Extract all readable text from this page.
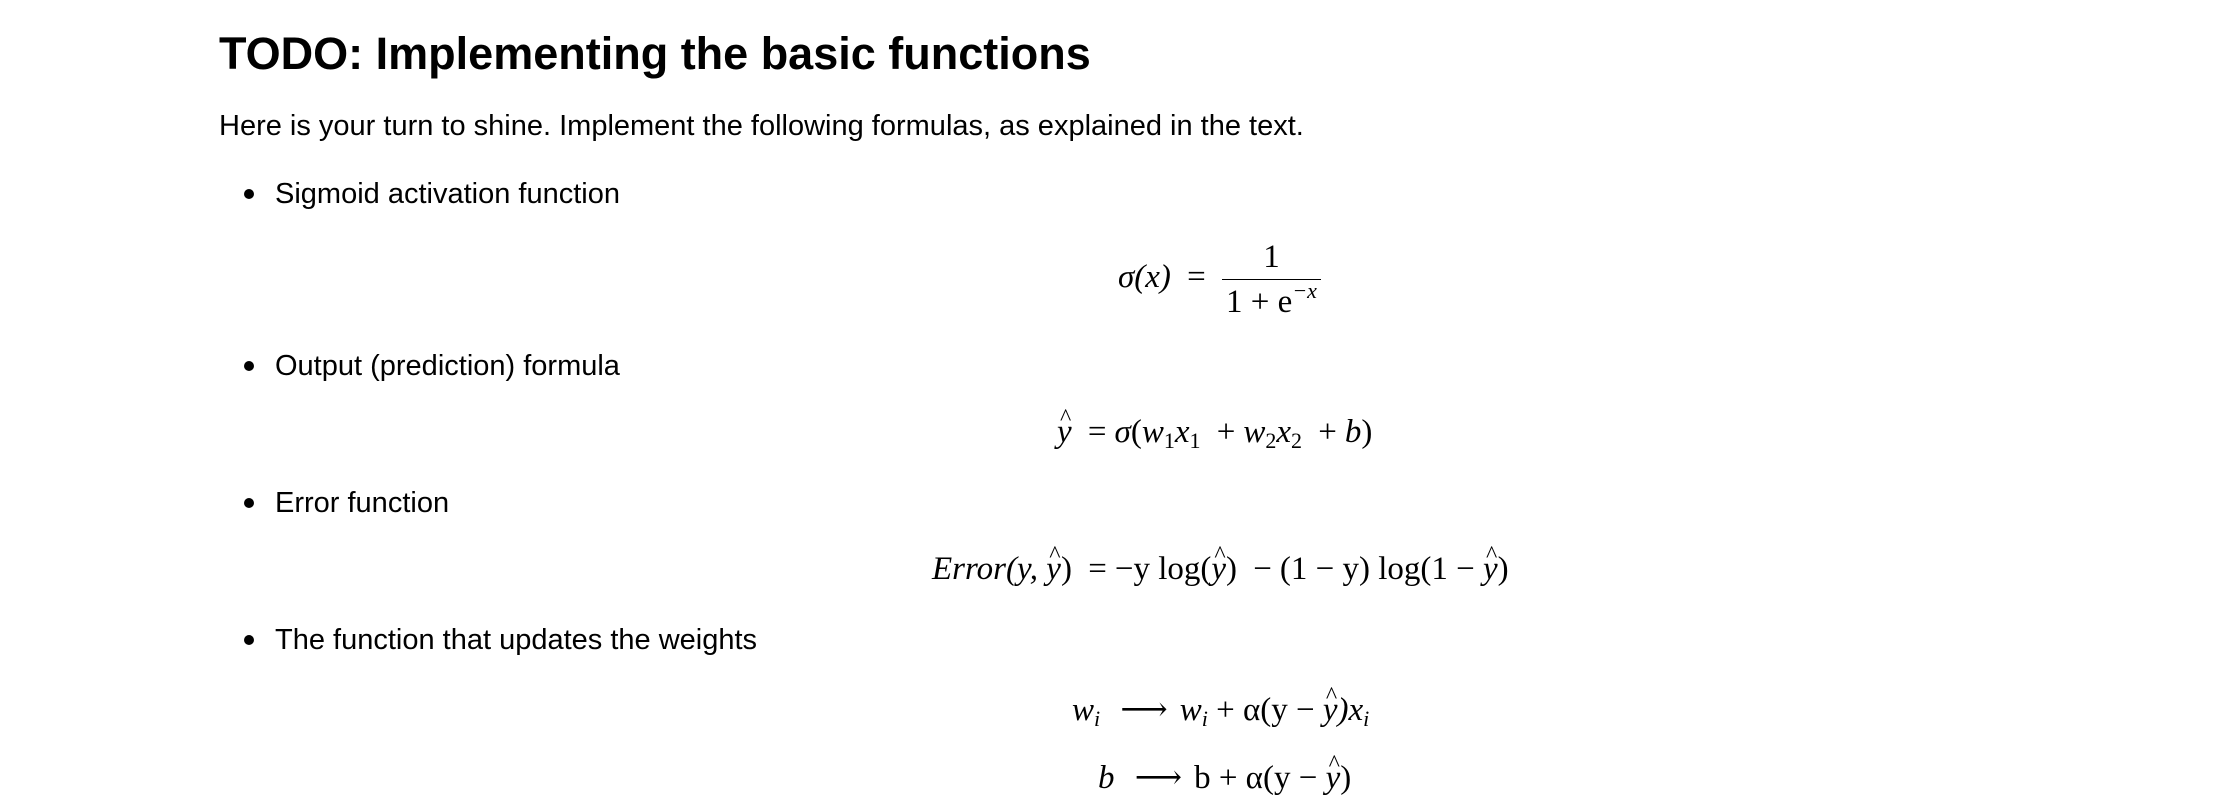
TODO: Implementing the basic functions

Here is your turn to shine. Implement the following formulas, as explained in the text.

Sigmoid activation function
$\sigma(x) = \frac{1}{1 + e^{-x}}$
Output (prediction) formula
^ $y = \sigma(w_1x_1 + w_2x_2 + b)$
Error function
Error(y, ^ y) = −y log(^ y) − (1 − y) log(1 − ^ y)
The function that updates the weights
$w_i$ ⟶ $w_i + \alpha(y$ − ^ $y)x_i$
b ⟶ b + α(y − ^ y)
